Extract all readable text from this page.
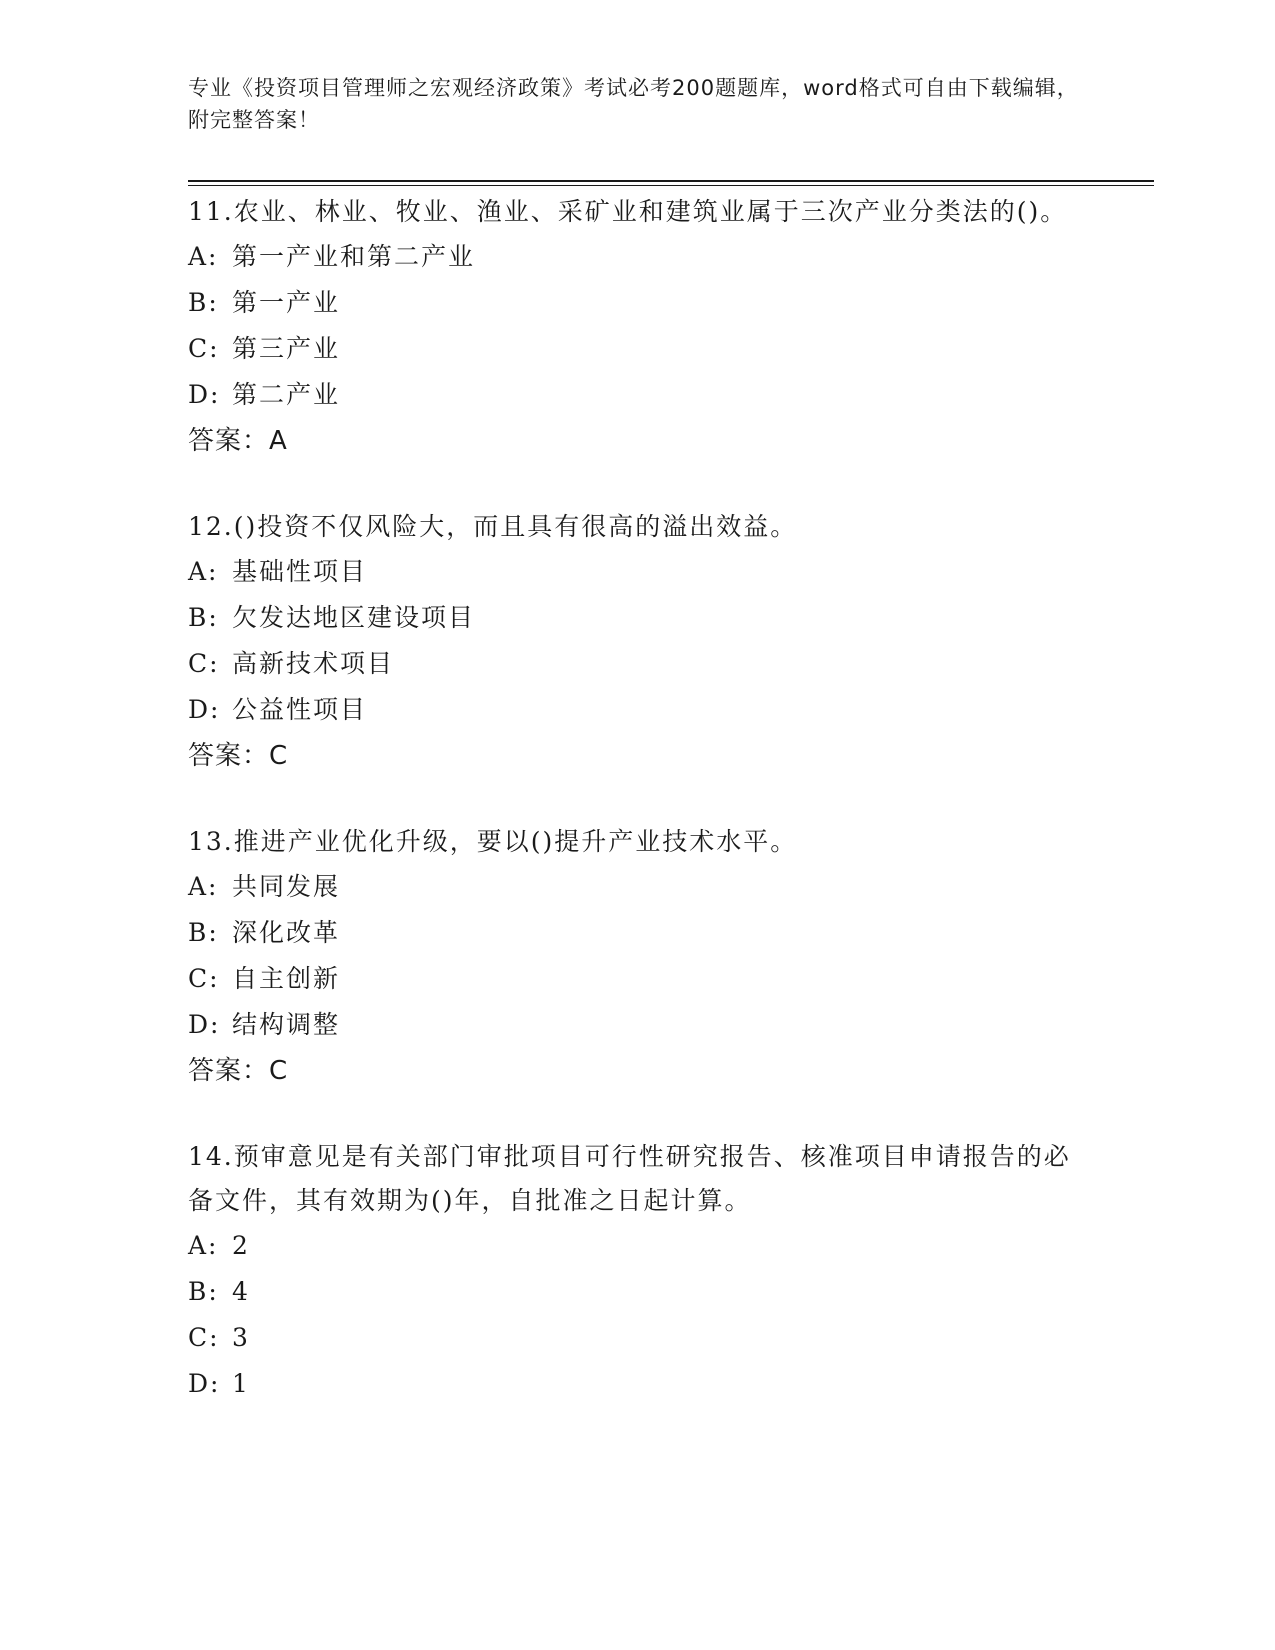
专业《投资项目管理师之宏观经济政策》考试必考200题题库，word格式可自由下载编辑，附完整答案！

11.农业、林业、牧业、渔业、采矿业和建筑业属于三次产业分类法的()。

A: 第一产业和第二产业
B: 第一产业
C: 第三产业
D: 第二产业
答案：A

12.()投资不仅风险大，而且具有很高的溢出效益。

A: 基础性项目
B: 欠发达地区建设项目
C: 高新技术项目
D: 公益性项目
答案：C

13.推进产业优化升级，要以()提升产业技术水平。

A: 共同发展
B: 深化改革
C: 自主创新
D: 结构调整
答案：C

14.预审意见是有关部门审批项目可行性研究报告、核准项目申请报告的必备文件，其有效期为()年，自批准之日起计算。

A: 2
B: 4
C: 3
D: 1
